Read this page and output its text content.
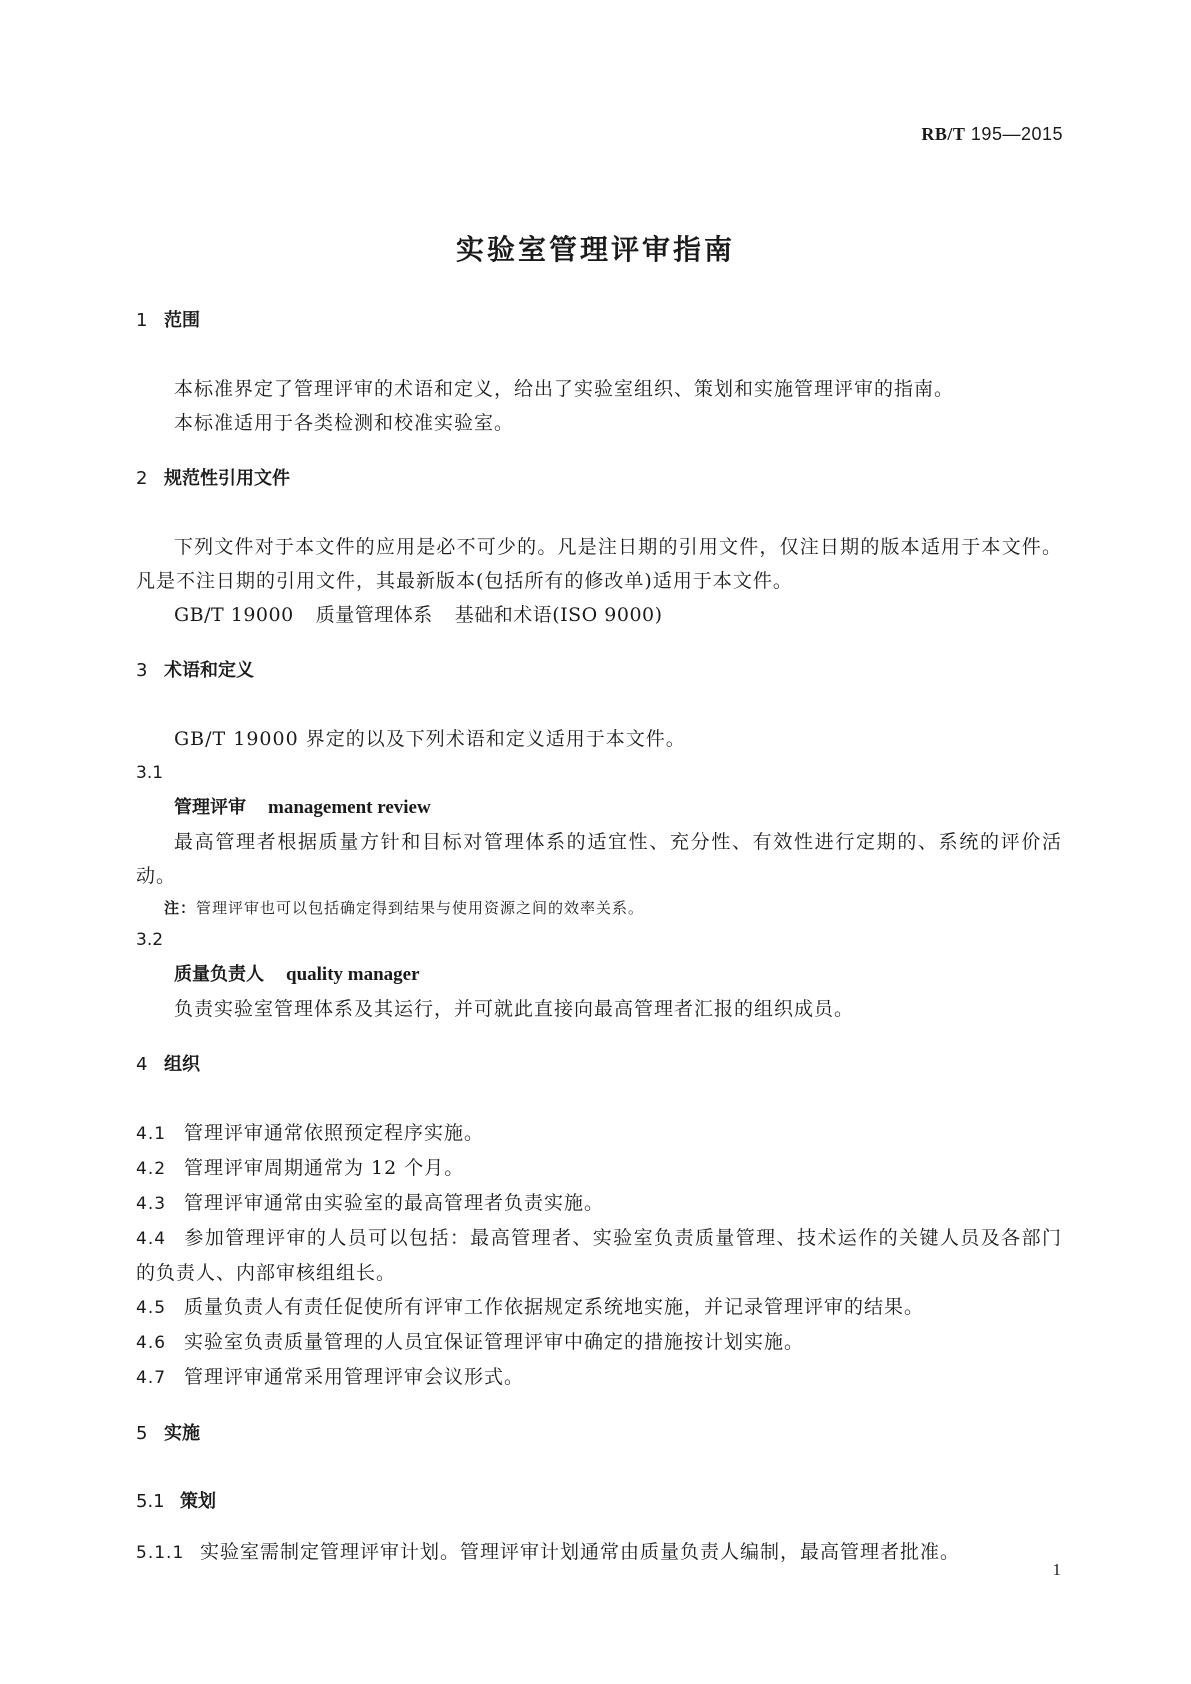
RB/T 195—2015
实验室管理评审指南
1 范围
本标准界定了管理评审的术语和定义，给出了实验室组织、策划和实施管理评审的指南。
本标准适用于各类检测和校准实验室。
2 规范性引用文件
下列文件对于本文件的应用是必不可少的。凡是注日期的引用文件，仅注日期的版本适用于本文件。凡是不注日期的引用文件，其最新版本(包括所有的修改单)适用于本文件。
GB/T 19000 质量管理体系 基础和术语(ISO 9000)
3 术语和定义
GB/T 19000 界定的以及下列术语和定义适用于本文件。
3.1
管理评审 management review
最高管理者根据质量方针和目标对管理体系的适宜性、充分性、有效性进行定期的、系统的评价活动。
注：管理评审也可以包括确定得到结果与使用资源之间的效率关系。
3.2
质量负责人 quality manager
负责实验室管理体系及其运行，并可就此直接向最高管理者汇报的组织成员。
4 组织
4.1 管理评审通常依照预定程序实施。
4.2 管理评审周期通常为 12 个月。
4.3 管理评审通常由实验室的最高管理者负责实施。
4.4 参加管理评审的人员可以包括：最高管理者、实验室负责质量管理、技术运作的关键人员及各部门的负责人、内部审核组组长。
4.5 质量负责人有责任促使所有评审工作依据规定系统地实施，并记录管理评审的结果。
4.6 实验室负责质量管理的人员宜保证管理评审中确定的措施按计划实施。
4.7 管理评审通常采用管理评审会议形式。
5 实施
5.1 策划
5.1.1 实验室需制定管理评审计划。管理评审计划通常由质量负责人编制，最高管理者批准。
1
